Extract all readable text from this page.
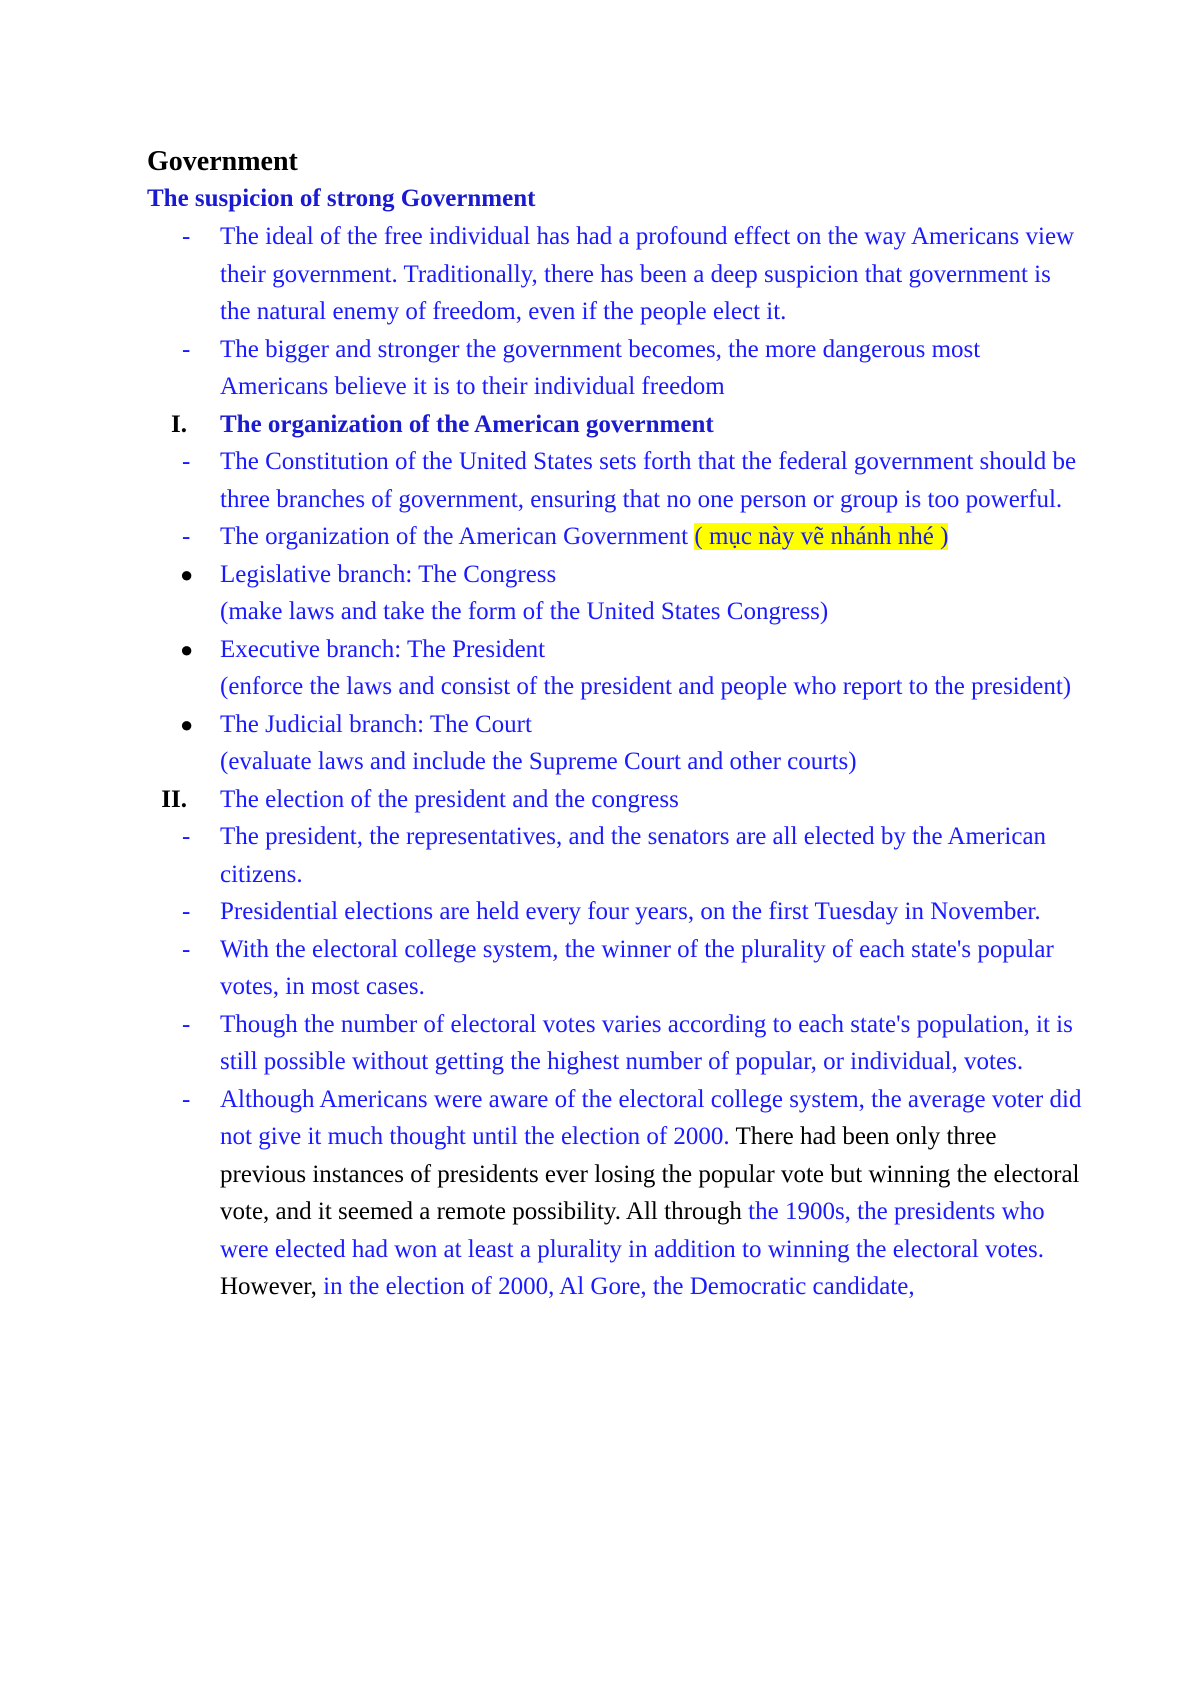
Government

The suspicion of strong Government

-	The ideal of the free individual has had a profound effect on the way Americans view their government. Traditionally, there has been a deep suspicion that government is the natural enemy of freedom, even if the people elect it.
-	The bigger and stronger the government becomes, the more dangerous most Americans believe it is to their individual freedom
I. The organization of the American government
-	The Constitution of the United States sets forth that the federal government should be three branches of government, ensuring that no one person or group is too powerful.
-	The organization of the American Government ( mục này vẽ nhánh nhé )
●	Legislative branch: The Congress
(make laws and take the form of the United States Congress)
●	Executive branch: The President
(enforce the laws and consist of the president and people who report to the president)
●	The Judicial branch: The Court
(evaluate laws and include the Supreme Court and other courts)
II. The election of the president and the congress
-	The president, the representatives, and the senators are all elected by the American citizens.
-	Presidential elections are held every four years, on the first Tuesday in November.
-	With the electoral college system, the winner of the plurality of each state's popular votes, in most cases.
-	Though the number of electoral votes varies according to each state's population, it is still possible without getting the highest number of popular, or individual, votes.
-	Although Americans were aware of the electoral college system, the average voter did not give it much thought until the election of 2000. There had been only three previous instances of presidents ever losing the popular vote but winning the electoral vote, and it seemed a remote possibility. All through the 1900s, the presidents who were elected had won at least a plurality in addition to winning the electoral votes. However, in the election of 2000, Al Gore, the Democratic candidate,
